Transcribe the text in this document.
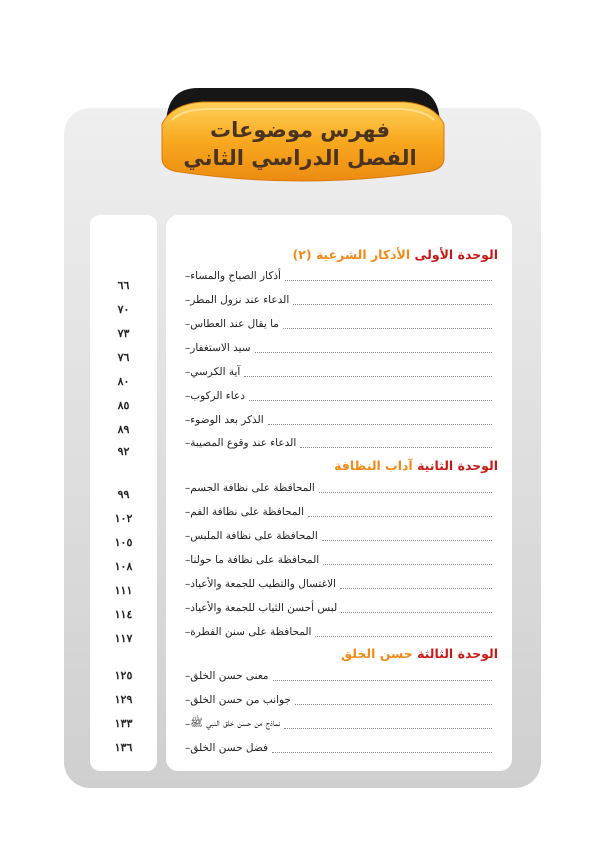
فهرس موضوعات
الفصل الدراسي الثاني
٦٦
٧٠
٧٣
٧٦
٨٠
٨٥
٨٩
٩٢
٩٩
١٠٢
١٠٥
١٠٨
١١١
١١٤
١١٧
١٢٥
١٢٩
١٣٣
١٣٦
الوحدة الأولى الأذكار الشرعية (٢)
– أذكار الصباح والمساء
– الدعاء عند نزول المطر
– ما يقال عند العطاس
– سيد الاستغفار
– آية الكرسي
– دعاء الركوب
– الذكر بعد الوضوء
– الدعاء عند وقوع المصيبة
الوحدة الثانية آداب النظافة
– المحافظة على نظافة الجسم
– المحافظة على نظافة الفم
– المحافظة على نظافة الملبس
– المحافظة على نظافة ما حولنا
– الاغتسال والتطيب للجمعة والأعياد
– لبس أحسن الثياب للجمعة والأعياد
– المحافظة على سنن الفطرة
الوحدة الثالثة حسن الخلق
– معنى حسن الخلق
– جوانب من حسن الخلق
– نماذج من حسن خلق النبي ﷺ
– فضل حسن الخلق
